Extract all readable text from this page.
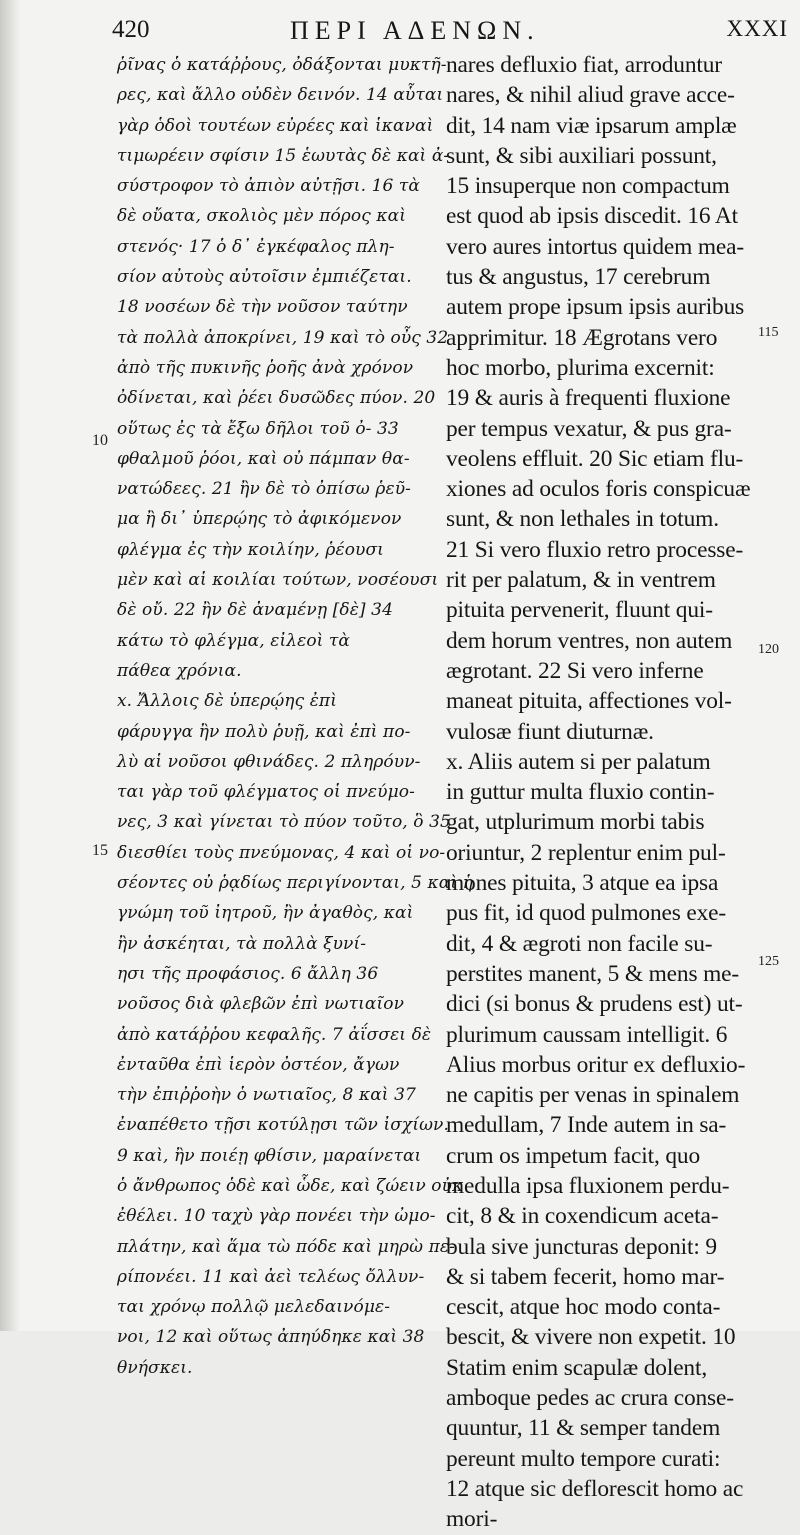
420	ΠΕΡΙ ΑΔΕΝΩΝ.	XXXI
ῥῖνας ὁ κατάῤῥους, ὀδάξονται μυκτῆ-
ρες, καὶ ἄλλο οὐδὲν δεινόν. 14 αὗται
γὰρ ὁδοὶ τουτέων εὐρέες καὶ ἱκαναὶ
τιμωρέειν σφίσιν 15 ἑωυτὰς δὲ καὶ ἀ-
σύστροφον τὸ ἀπιὸν αὐτῇσι. 16 τὰ
δὲ οὔατα, σκολιὸς μὲν πόρος καὶ
στενός· 17 ὁ δ᾽ ἐγκέφαλος πλη-
σίον αὐτοὺς αὐτοῖσιν ἐμπιέζεται.
18 νοσέων δὲ τὴν νοῦσον ταύτην
τὰ πολλὰ ἀποκρίνει, 19 καὶ τὸ οὖς 32
ἀπὸ τῆς πυκινῆς ῥοῆς ἀνὰ χρόνον
ὀδίνεται, καὶ ῥέει δυσῶδες πύον. 20
οὕτως ἐς τὰ ἔξω δῆλοι τοῦ ὀ- 33
φθαλμοῦ ῥόοι, καὶ οὐ πάμπαν θα-
νατώδεες. 21 ἢν δὲ τὸ ὀπίσω ῥεῦ-
μα ἢ δι᾽ ὑπερῴης τὸ ἀφικόμενον
φλέγμα ἐς τὴν κοιλίην, ῥέουσι
μὲν καὶ αἱ κοιλίαι τούτων, νοσέουσι
δὲ οὔ. 22 ἢν δὲ ἀναμένῃ [δὲ] 34
κάτω τὸ φλέγμα, εἰλεοὶ τὰ
πάθεα χρόνια.
x. Ἄλλοις δὲ ὑπερῴης ἐπὶ
φάρυγγα ἢν πολὺ ῥυῇ, καὶ ἐπὶ πο-
λὺ αἱ νοῦσοι φθινάδες. 2 πληρόυν-
ται γὰρ τοῦ φλέγματος οἱ πνεύμο-
νες, 3 καὶ γίνεται τὸ πύον τοῦτο, ὃ 35
διεσθίει τοὺς πνεύμονας, 4 καὶ οἱ νο-
σέοντες οὐ ῥᾳδίως περιγίνονται, 5 καὶ ἡ
γνώμη τοῦ ἰητροῦ, ἢν ἀγαθὸς, καὶ
ἢν ἀσκέηται, τὰ πολλὰ ξυνί-
ησι τῆς προφάσιος. 6 ἄλλη 36
νοῦσος διὰ φλεβῶν ἐπὶ νωτιαῖον
ἀπὸ κατάῤῥου κεφαλῆς. 7 ἀΐσσει δὲ
ἐνταῦθα ἐπὶ ἱερὸν ὀστέον, ἄγων
τὴν ἐπιῤῥοὴν ὁ νωτιαῖος, 8 καὶ 37
ἐναπέθετο τῇσι κοτύλῃσι τῶν ἰσχίων.
9 καὶ, ἢν ποιέῃ φθίσιν, μαραίνεται
ὁ ἄνθρωπος ὁδὲ καὶ ὧδε, καὶ ζώειν οὐκ
ἐθέλει. 10 ταχὺ γὰρ πονέει τὴν ὠμο-
πλάτην, καὶ ἅμα τὼ πόδε καὶ μηρὼ πε-
ρίπονέει. 11 καὶ ἀεὶ τελέως ὄλλυν-
ται χρόνῳ πολλῷ μελεδαινόμε-
νοι, 12 καὶ οὕτως ἀπηύδηκε καὶ 38
θνήσκει.
nares defluxio fiat, arroduntur
nares, & nihil aliud grave acce-
dit, 14 nam viæ ipsarum amplæ
sunt, & sibi auxiliari possunt,
15 insuperque non compactum
est quod ab ipsis discedit. 16 At
vero aures intortus quidem mea-
tus & angustus, 17 cerebrum
autem prope ipsum ipsis auribus
apprimitur. 18 Ægrotans vero
hoc morbo, plurima excernit:
19 & auris à frequenti fluxione
per tempus vexatur, & pus gra-
veolens effluit. 20 Sic etiam flu-
xiones ad oculos foris conspicuæ
sunt, & non lethales in totum.
21 Si vero fluxio retro processe-
rit per palatum, & in ventrem
pituita pervenerit, fluunt qui-
dem horum ventres, non autem
ægrotant. 22 Si vero inferne
maneat pituita, affectiones vol-
vulosæ fiunt diuturnæ.
x. Aliis autem si per palatum
in guttur multa fluxio contin-
gat, utplurimum morbi tabis
oriuntur, 2 replentur enim pul-
mones pituita, 3 atque ea ipsa
pus fit, id quod pulmones exe-
dit, 4 & ægroti non facile su-
perstites manent, 5 & mens me-
dici (si bonus & prudens est) ut-
plurimum caussam intelligit. 6
Alius morbus oritur ex defluxio-
ne capitis per venas in spinalem
medullam, 7 Inde autem in sa-
crum os impetum facit, quo
medulla ipsa fluxionem perdu-
cit, 8 & in coxendicum aceta-
bula sive juncturas deponit: 9
& si tabem fecerit, homo mar-
cescit, atque hoc modo conta-
bescit, & vivere non expetit. 10
Statim enim scapulæ dolent,
amboque pedes ac crura conse-
quuntur, 11 & semper tandem
pereunt multo tempore curati:
12 atque sic deflorescit homo ac
mori-
10
15
115
120
125
